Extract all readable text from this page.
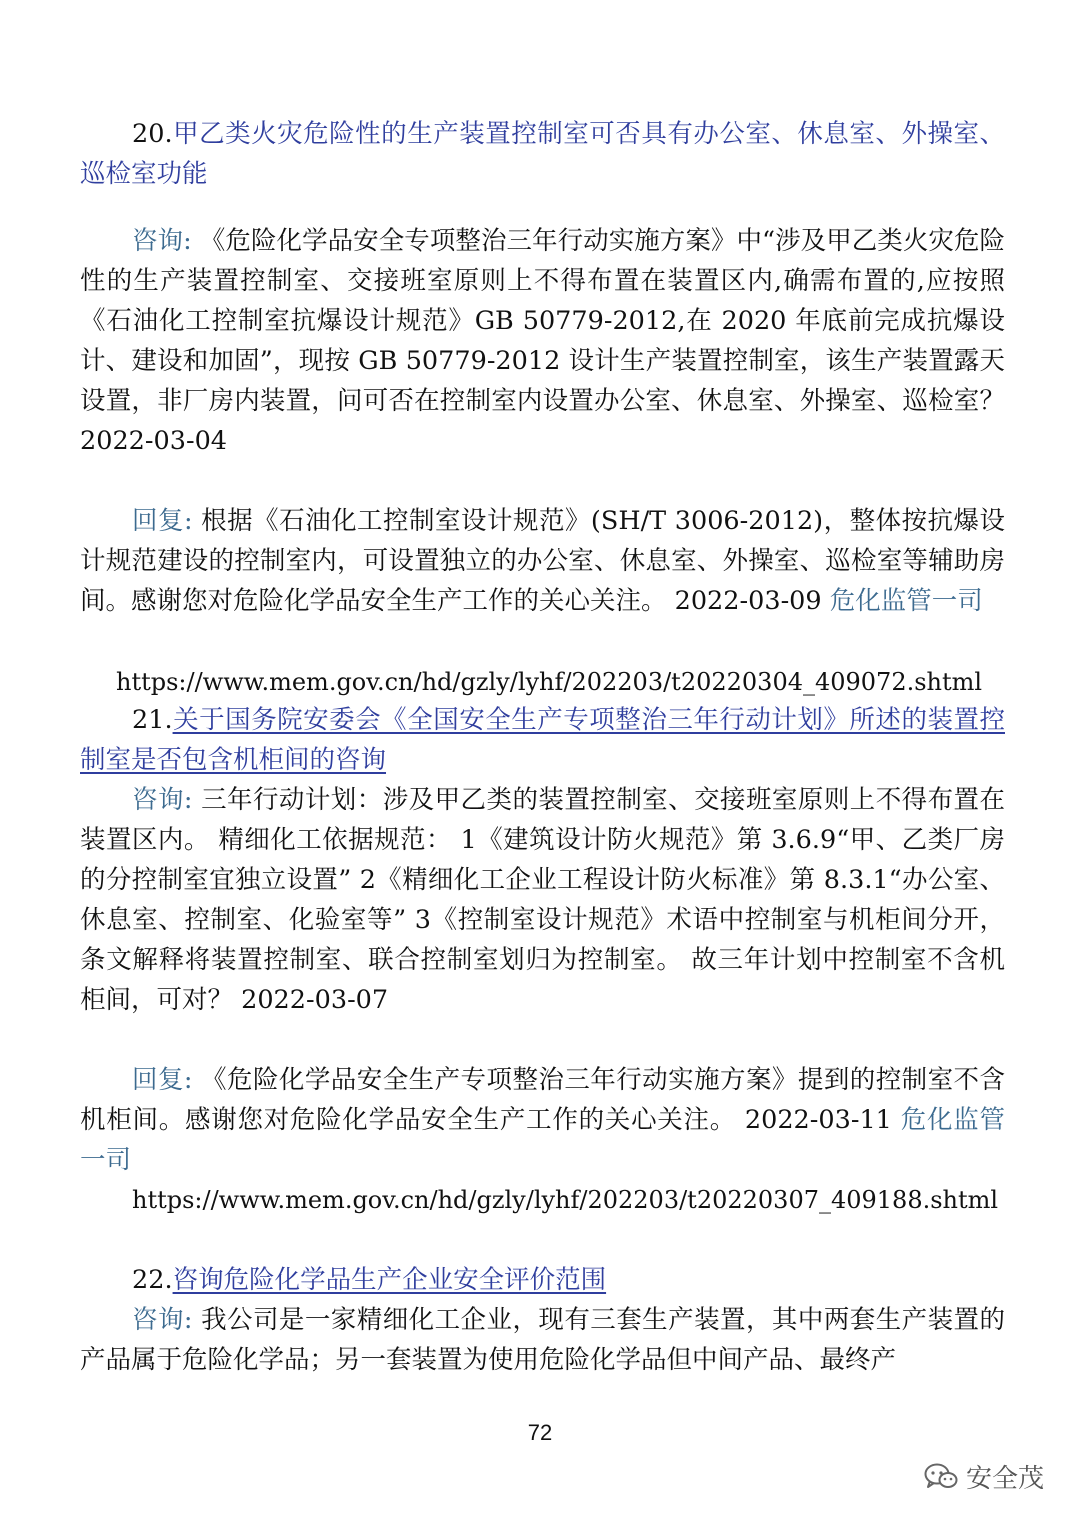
20.甲乙类火灾危险性的生产装置控制室可否具有办公室、休息室、外操室、巡检室功能

咨询: 《危险化学品安全专项整治三年行动实施方案》中“涉及甲乙类火灾危险性的生产装置控制室、交接班室原则上不得布置在装置区内,确需布置的,应按照《石油化工控制室抗爆设计规范》GB 50779-2012,在 2020 年底前完成抗爆设计、建设和加固”，现按 GB 50779-2012 设计生产装置控制室，该生产装置露天设置，非厂房内装置，问可否在控制室内设置办公室、休息室、外操室、巡检室？ 2022-03-04

回复: 根据《石油化工控制室设计规范》(SH/T 3006-2012)，整体按抗爆设计规范建设的控制室内，可设置独立的办公室、休息室、外操室、巡检室等辅助房间。感谢您对危险化学品安全生产工作的关心关注。 2022-03-09 危化监管一司

https://www.mem.gov.cn/hd/gzly/lyhf/202203/t20220304_409072.shtml

21.关于国务院安委会《全国安全生产专项整治三年行动计划》所述的装置控制室是否包含机柜间的咨询

咨询: 三年行动计划：涉及甲乙类的装置控制室、交接班室原则上不得布置在装置区内。 精细化工依据规范： 1《建筑设计防火规范》第 3.6.9“甲、乙类厂房的分控制室宜独立设置” 2《精细化工企业工程设计防火标准》第 8.3.1“办公室、休息室、控制室、化验室等” 3《控制室设计规范》术语中控制室与机柜间分开，条文解释将装置控制室、联合控制室划归为控制室。 故三年计划中控制室不含机柜间，可对？ 2022-03-07

回复: 《危险化学品安全生产专项整治三年行动实施方案》提到的控制室不含机柜间。感谢您对危险化学品安全生产工作的关心关注。 2022-03-11 危化监管一司

https://www.mem.gov.cn/hd/gzly/lyhf/202203/t20220307_409188.shtml

22.咨询危险化学品生产企业安全评价范围

咨询: 我公司是一家精细化工企业，现有三套生产装置，其中两套生产装置的产品属于危险化学品；另一套装置为使用危险化学品但中间产品、最终产

72
安全茂
